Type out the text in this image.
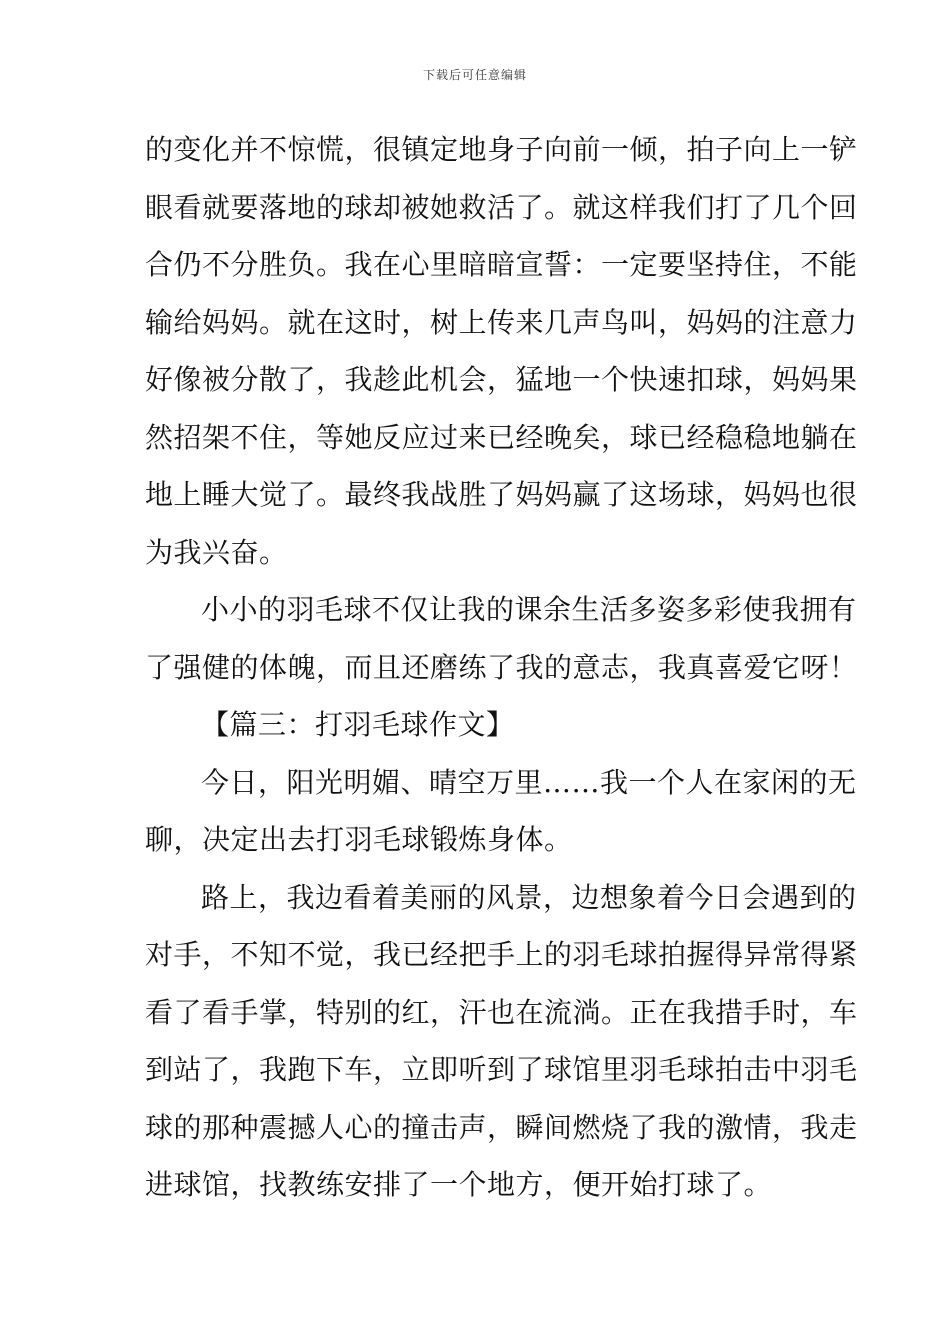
下载后可任意编辑
的变化并不惊慌，很镇定地身子向前一倾，拍子向上一铲
眼看就要落地的球却被她救活了。就这样我们打了几个回
合仍不分胜负。我在心里暗暗宣誓：一定要坚持住，不能
输给妈妈。就在这时，树上传来几声鸟叫，妈妈的注意力
好像被分散了，我趁此机会，猛地一个快速扣球，妈妈果
然招架不住，等她反应过来已经晚矣，球已经稳稳地躺在
地上睡大觉了。最终我战胜了妈妈赢了这场球，妈妈也很
为我兴奋。
小小的羽毛球不仅让我的课余生活多姿多彩使我拥有
了强健的体魄，而且还磨练了我的意志，我真喜爱它呀！
【篇三：打羽毛球作文】
今日，阳光明媚、晴空万里……我一个人在家闲的无
聊，决定出去打羽毛球锻炼身体。
路上，我边看着美丽的风景，边想象着今日会遇到的
对手，不知不觉，我已经把手上的羽毛球拍握得异常得紧
看了看手掌，特别的红，汗也在流淌。正在我措手时，车
到站了，我跑下车，立即听到了球馆里羽毛球拍击中羽毛
球的那种震撼人心的撞击声，瞬间燃烧了我的激情，我走
进球馆，找教练安排了一个地方，便开始打球了。
